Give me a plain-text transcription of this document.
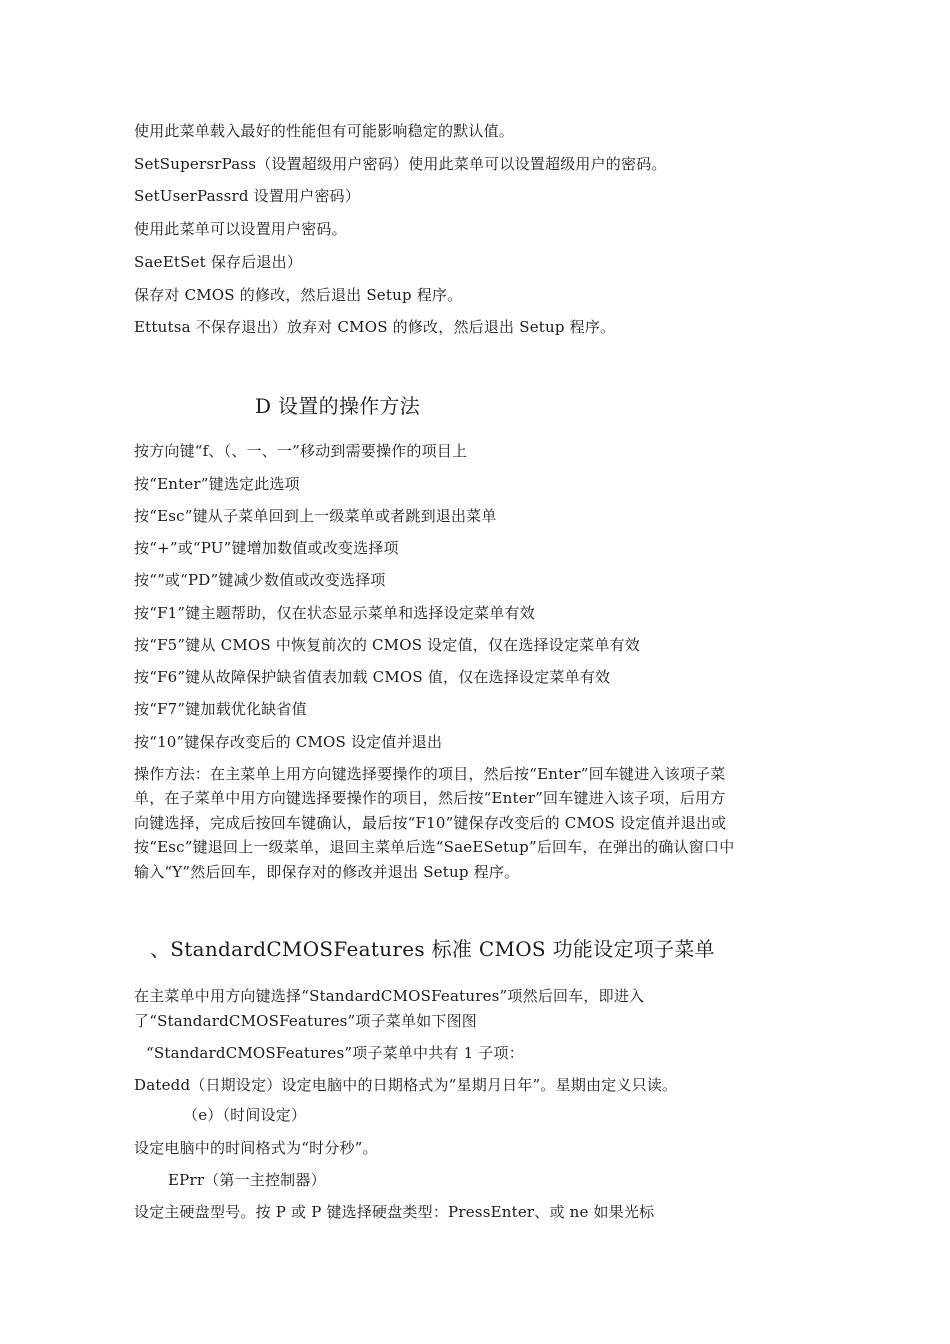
使用此菜单载入最好的性能但有可能影响稳定的默认值。
SetSupersrPass（设置超级用户密码）使用此菜单可以设置超级用户的密码。
SetUserPassrd 设置用户密码）
使用此菜单可以设置用户密码。
SaeEtSet 保存后退出）
保存对 CMOS 的修改，然后退出 Setup 程序。
Ettutsa 不保存退出）放弃对 CMOS 的修改，然后退出 Setup 程序。
D 设置的操作方法
按方向键“f、（、一、一”移动到需要操作的项目上
按“Enter”键选定此选项
按“Esc”键从子菜单回到上一级菜单或者跳到退出菜单
按“+”或“PU”键增加数值或改变选择项
按“”或“PD”键减少数值或改变选择项
按“F1”键主题帮助，仅在状态显示菜单和选择设定菜单有效
按“F5”键从 CMOS 中恢复前次的 CMOS 设定值，仅在选择设定菜单有效
按“F6”键从故障保护缺省值表加载 CMOS 值，仅在选择设定菜单有效
按“F7”键加载优化缺省值
按“10”键保存改变后的 CMOS 设定值并退出
操作方法：在主菜单上用方向键选择要操作的项目，然后按“Enter”回车键进入该项子菜
单，在子菜单中用方向键选择要操作的项目，然后按“Enter”回车键进入该子项，后用方
向键选择，完成后按回车键确认，最后按“F10”键保存改变后的 CMOS 设定值并退出或
按“Esc”键退回上一级菜单，退回主菜单后选“SaeESetup”后回车，在弹出的确认窗口中
输入“Y”然后回车，即保存对的修改并退出 Setup 程序。
、StandardCMOSFeatures 标准 CMOS 功能设定项子菜单
在主菜单中用方向键选择“StandardCMOSFeatures”项然后回车，即进入
了“StandardCMOSFeatures”项子菜单如下图图
“StandardCMOSFeatures”项子菜单中共有 1 子项：
Datedd（日期设定）设定电脑中的日期格式为“星期月日年”。星期由定义只读。
（e）（时间设定）
设定电脑中的时间格式为“时分秒”。
EPrr（第一主控制器）
设定主硬盘型号。按 P 或 P 键选择硬盘类型：PressEnter、或 ne 如果光标
